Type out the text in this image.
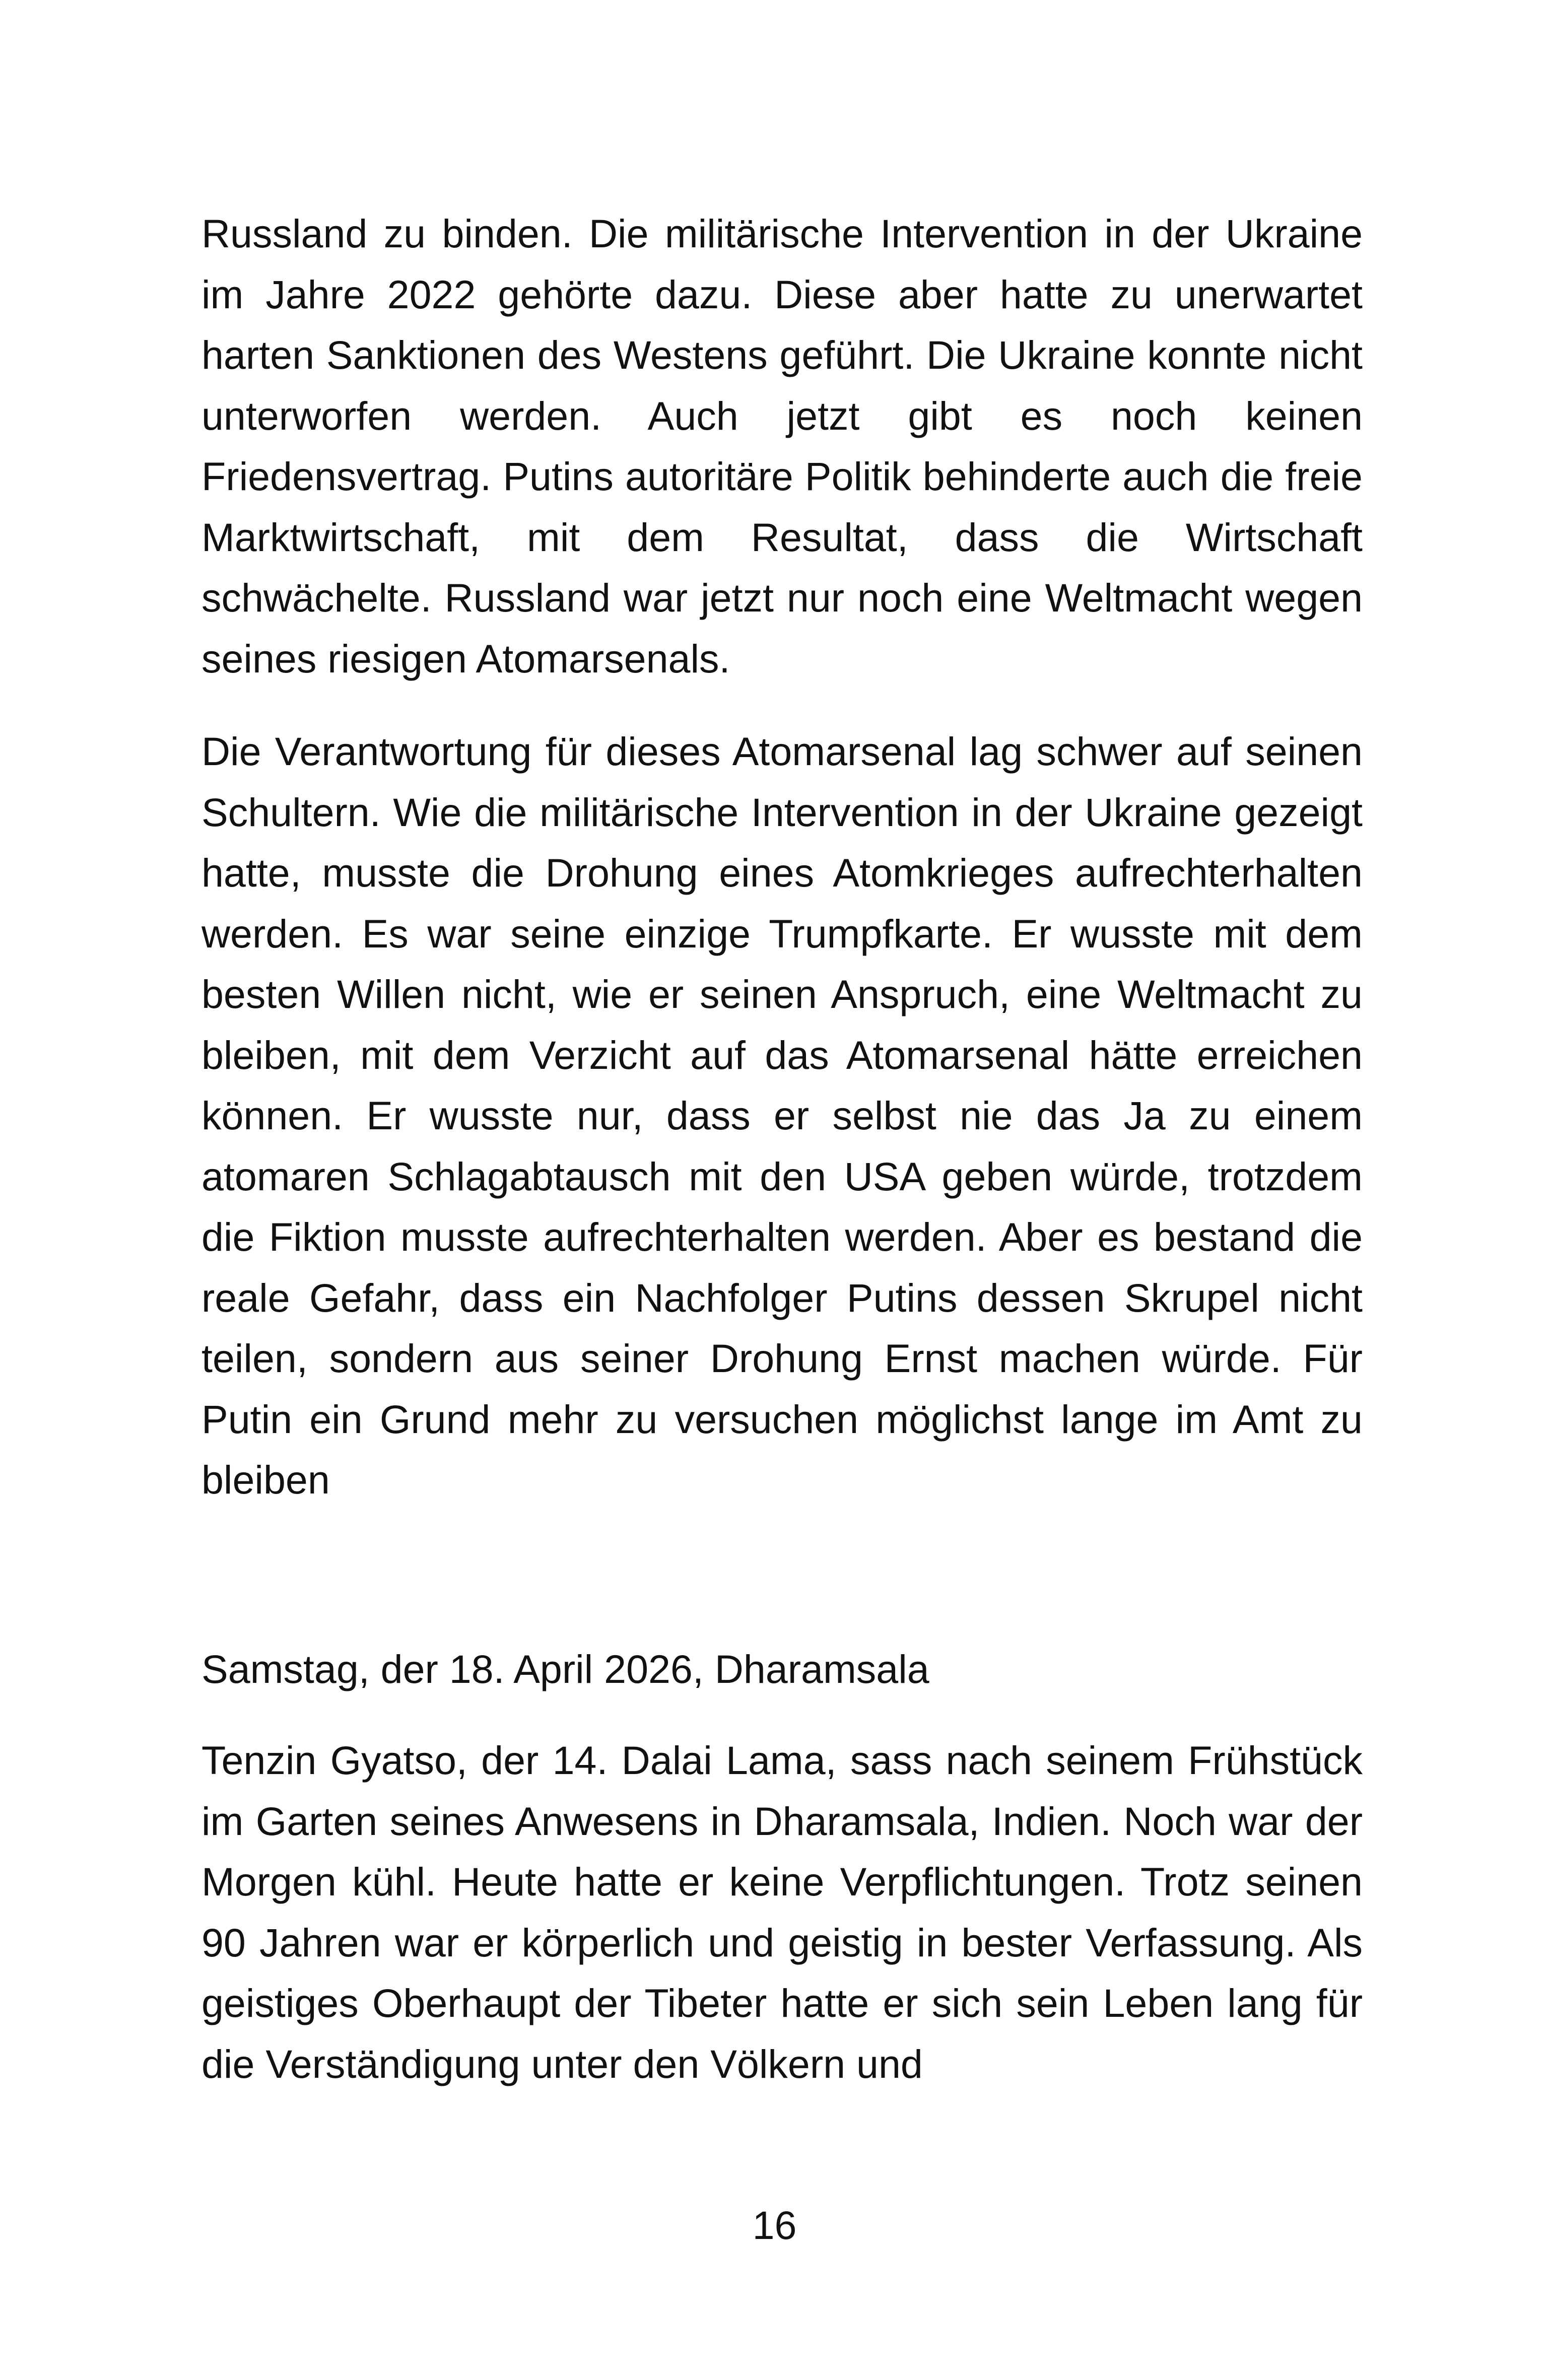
Russland zu binden. Die militärische Intervention in der Ukraine im Jahre 2022 gehörte dazu. Diese aber hatte zu unerwartet harten Sanktionen des Westens geführt. Die Ukraine konnte nicht unterworfen werden. Auch jetzt gibt es noch keinen Friedensvertrag. Putins autoritäre Politik behinderte auch die freie Marktwirtschaft, mit dem Resultat, dass die Wirtschaft schwächelte. Russland war jetzt nur noch eine Weltmacht wegen seines riesigen Atomarsenals.

Die Verantwortung für dieses Atomarsenal lag schwer auf seinen Schultern. Wie die militärische Intervention in der Ukraine gezeigt hatte, musste die Drohung eines Atomkrieges aufrechterhalten werden. Es war seine einzige Trumpfkarte. Er wusste mit dem besten Willen nicht, wie er seinen Anspruch, eine Weltmacht zu bleiben, mit dem Verzicht auf das Atomarsenal hätte erreichen können. Er wusste nur, dass er selbst nie das Ja zu einem atomaren Schlagabtausch mit den USA geben würde, trotzdem die Fiktion musste aufrechterhalten werden. Aber es bestand die reale Gefahr, dass ein Nachfolger Putins dessen Skrupel nicht teilen, sondern aus seiner Drohung Ernst machen würde. Für Putin ein Grund mehr zu versuchen möglichst lange im Amt zu bleiben

Samstag, der 18. April 2026, Dharamsala

Tenzin Gyatso, der 14. Dalai Lama, sass nach seinem Frühstück im Garten seines Anwesens in Dharamsala, Indien. Noch war der Morgen kühl. Heute hatte er keine Verpflichtungen. Trotz seinen 90 Jahren war er körperlich und geistig in bester Verfassung. Als geistiges Oberhaupt der Tibeter hatte er sich sein Leben lang für die Verständigung unter den Völkern und

16
